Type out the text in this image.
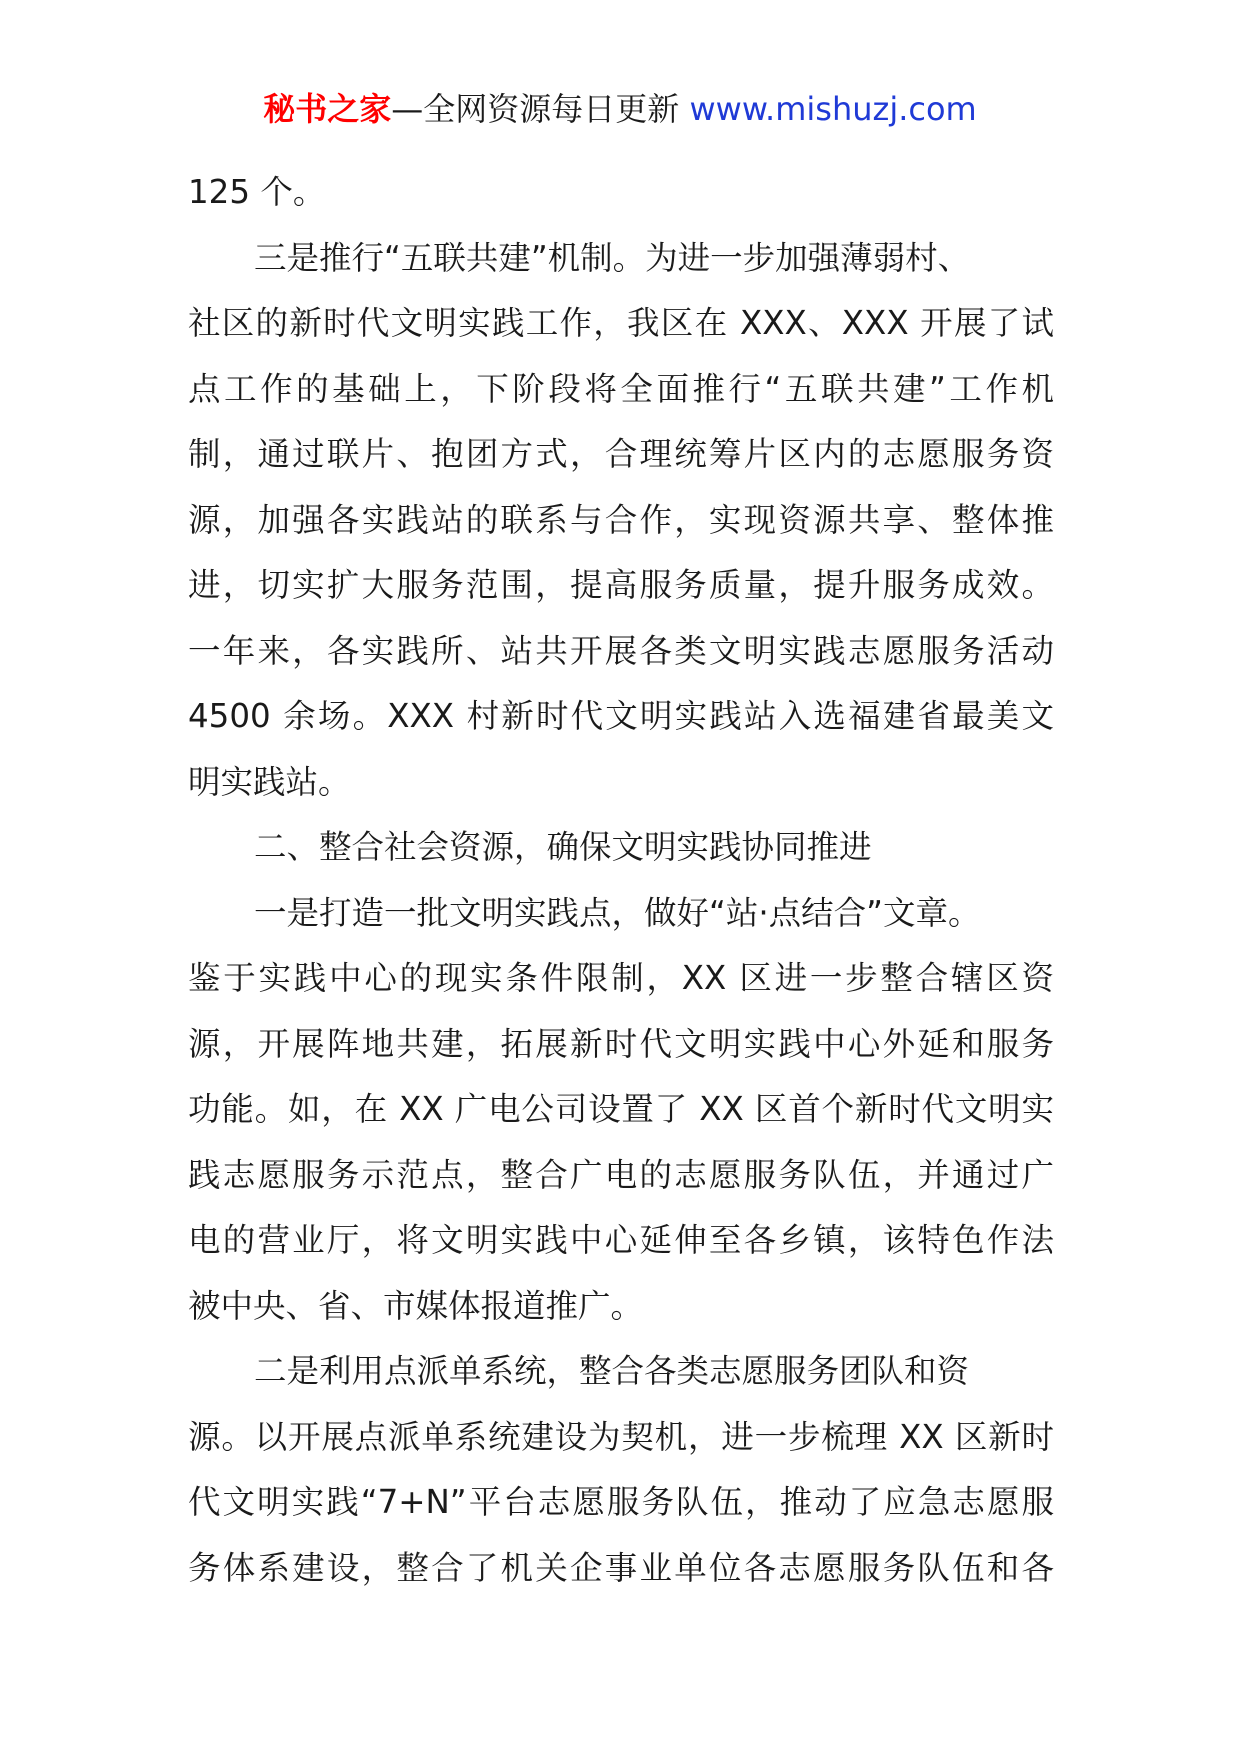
秘书之家—全网资源每日更新 www.mishuzj.com
125 个。
三是推行“五联共建”机制。为进一步加强薄弱村、
社区的新时代文明实践工作，我区在 XXX、XXX 开展了试
点工作的基础上，下阶段将全面推行“五联共建”工作机
制，通过联片、抱团方式，合理统筹片区内的志愿服务资
源，加强各实践站的联系与合作，实现资源共享、整体推
进，切实扩大服务范围，提高服务质量，提升服务成效。
一年来，各实践所、站共开展各类文明实践志愿服务活动
4500 余场。XXX 村新时代文明实践站入选福建省最美文
明实践站。
二、整合社会资源，确保文明实践协同推进
一是打造一批文明实践点，做好“站·点结合”文章。
鉴于实践中心的现实条件限制，XX 区进一步整合辖区资
源，开展阵地共建，拓展新时代文明实践中心外延和服务
功能。如，在 XX 广电公司设置了 XX 区首个新时代文明实
践志愿服务示范点，整合广电的志愿服务队伍，并通过广
电的营业厅，将文明实践中心延伸至各乡镇，该特色作法
被中央、省、市媒体报道推广。
二是利用点派单系统，整合各类志愿服务团队和资
源。以开展点派单系统建设为契机，进一步梳理 XX 区新时
代文明实践“7+N”平台志愿服务队伍，推动了应急志愿服
务体系建设，整合了机关企事业单位各志愿服务队伍和各
